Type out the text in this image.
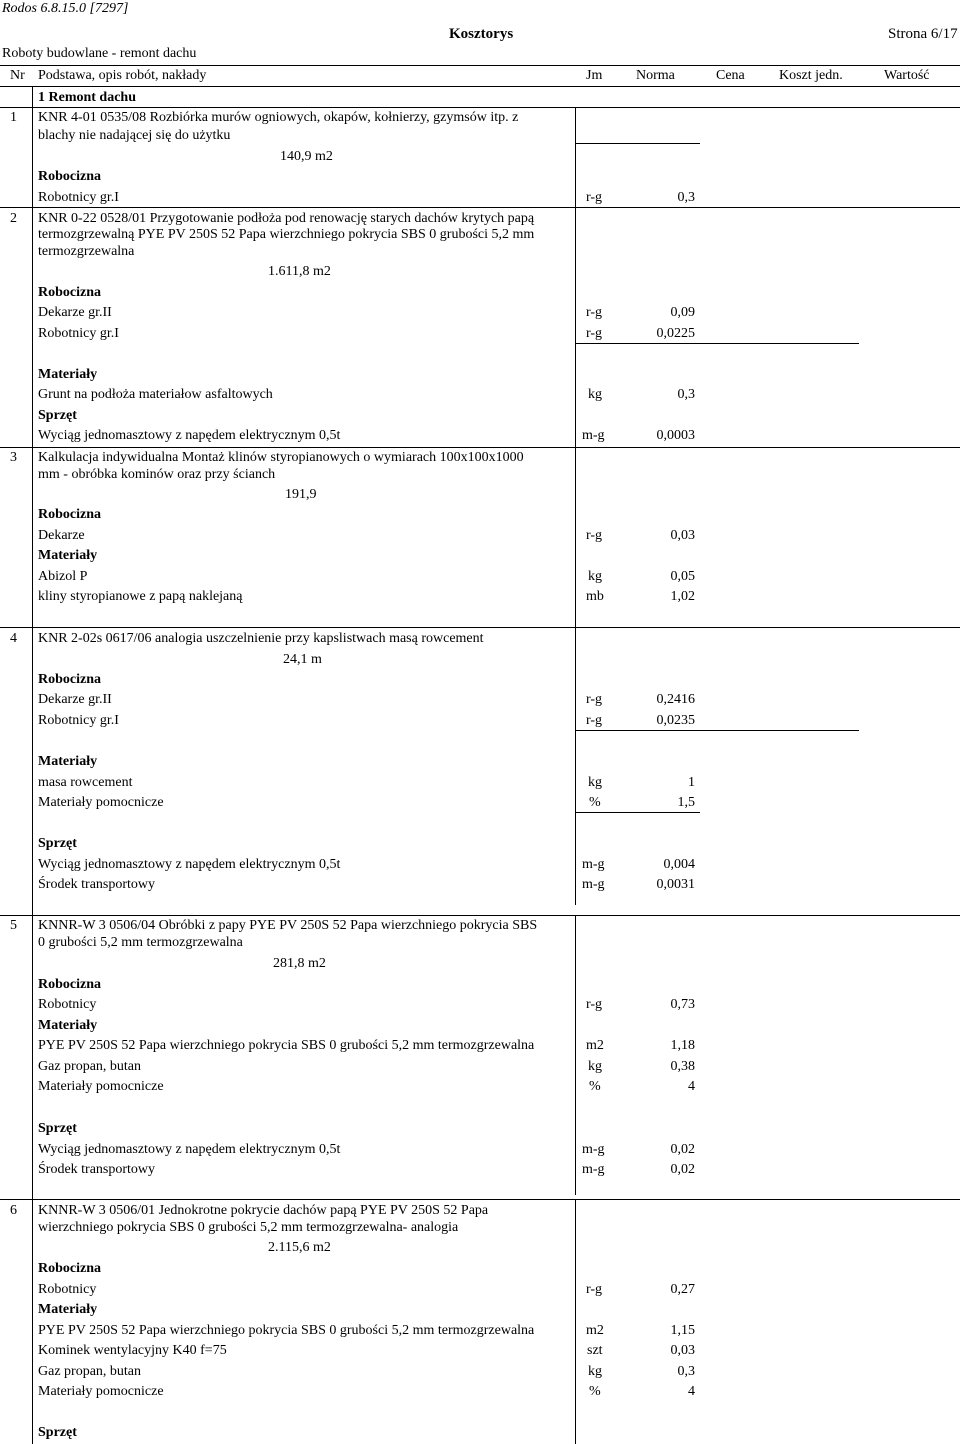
Rodos 6.8.15.0 [7297]
Kosztorys	Strona 6/17
Roboty budowlane - remont dachu
Nr Podstawa, opis robót, nakłady	Jm Norma	Cena Koszt jedn.	Wartość
1 Remont dachu
1 KNR 4-01 0535/08 Rozbiórka murów ogniowych, okapów, kołnierzy, gzymsów itp. z
blachy nie nadającej się do użytku
140,9 m2
Robocizna
Robotnicy gr.I	r-g	0,3
2 KNR 0-22 0528/01 Przygotowanie podłoża pod renowację starych dachów krytych papą
termozgrzewalną PYE PV 250S 52 Papa wierzchniego pokrycia SBS 0 grubości 5,2 mm
termozgrzewalna
1.611,8 m2
Robocizna
Dekarze gr.II	r-g	0,09
Robotnicy gr.I	r-g	0,0225
Materiały
Grunt na podłoża materiałow asfaltowych	kg	0,3
Sprzęt
Wyciąg jednomasztowy z napędem elektrycznym 0,5t	m-g	0,0003
3 Kalkulacja indywidualna Montaż klinów styropianowych o wymiarach 100x100x1000
mm - obróbka kominów oraz przy ścianch
191,9
Robocizna
Dekarze	r-g	0,03
Materiały
Abizol P	kg	0,05
kliny styropianowe z papą naklejaną	mb	1,02
4 KNR 2-02s 0617/06 analogia uszczelnienie przy kapslistwach masą rowcement
24,1 m
Robocizna
Dekarze gr.II	r-g	0,2416
Robotnicy gr.I	r-g	0,0235
Materiały
masa rowcement	kg	1
Materiały pomocnicze	%	1,5
Sprzęt
Wyciąg jednomasztowy z napędem elektrycznym 0,5t	m-g	0,004
Środek transportowy	m-g	0,0031
5 KNNR-W 3 0506/04 Obróbki z papy PYE PV 250S 52 Papa wierzchniego pokrycia SBS
0 grubości 5,2 mm termozgrzewalna
281,8 m2
Robocizna
Robotnicy	r-g	0,73
Materiały
PYE PV 250S 52 Papa wierzchniego pokrycia SBS 0 grubości 5,2 mm termozgrzewalna	m2	1,18
Gaz propan, butan	kg	0,38
Materiały pomocnicze	%	4
Sprzęt
Wyciąg jednomasztowy z napędem elektrycznym 0,5t	m-g	0,02
Środek transportowy	m-g	0,02
6 KNNR-W 3 0506/01 Jednokrotne pokrycie dachów papą PYE PV 250S 52 Papa
wierzchniego pokrycia SBS 0 grubości 5,2 mm termozgrzewalna- analogia
2.115,6 m2
Robocizna
Robotnicy	r-g	0,27
Materiały
PYE PV 250S 52 Papa wierzchniego pokrycia SBS 0 grubości 5,2 mm termozgrzewalna	m2	1,15
Kominek wentylacyjny K40 f=75	szt	0,03
Gaz propan, butan	kg	0,3
Materiały pomocnicze	%	4
Sprzęt
